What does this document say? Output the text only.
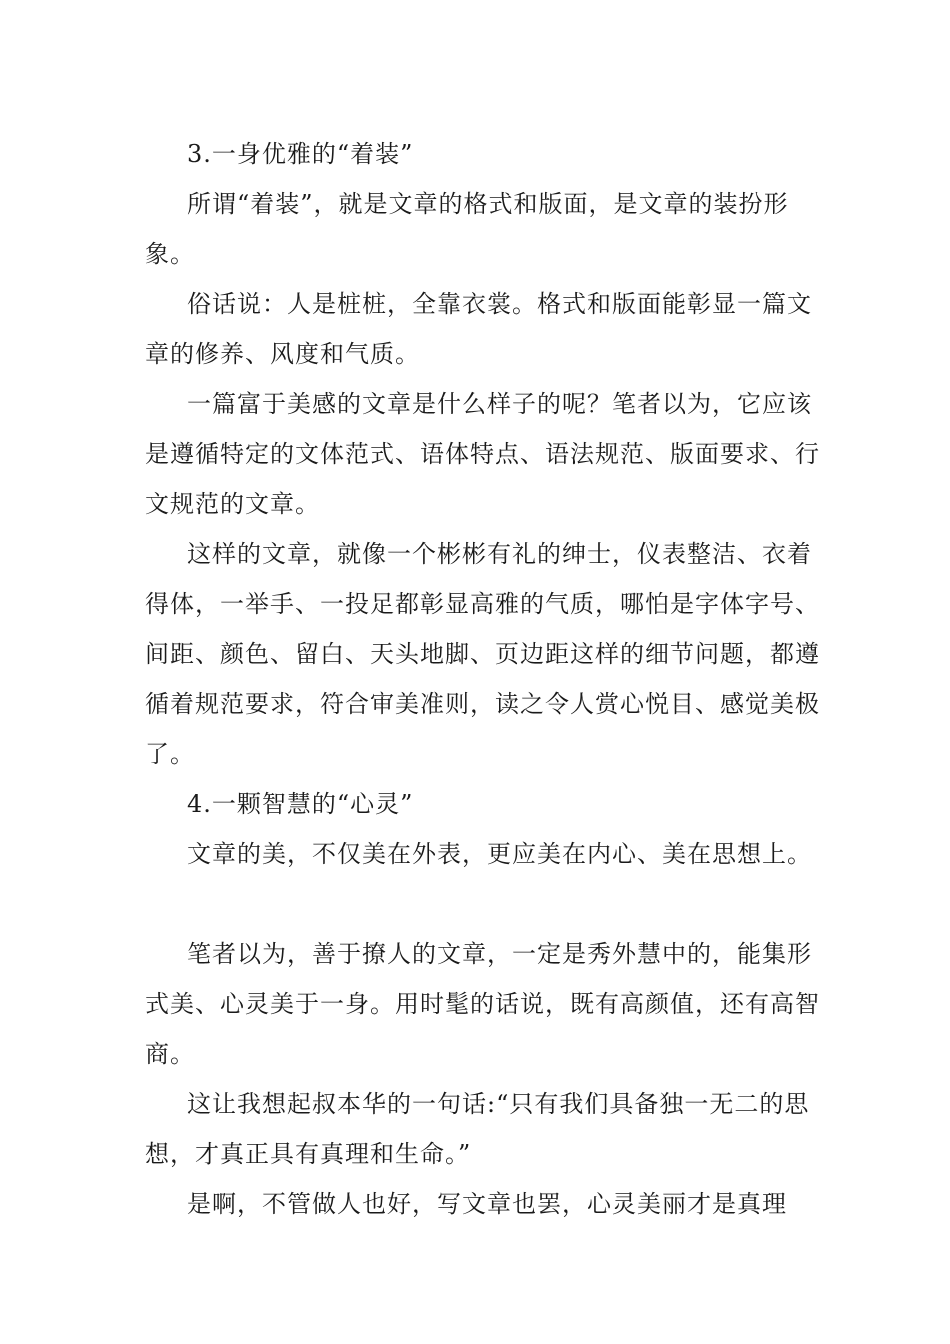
3.一身优雅的“着装”

所谓“着装”，就是文章的格式和版面，是文章的装扮形象。

俗话说：人是桩桩，全靠衣裳。格式和版面能彰显一篇文章的修养、风度和气质。

一篇富于美感的文章是什么样子的呢？笔者以为，它应该是遵循特定的文体范式、语体特点、语法规范、版面要求、行文规范的文章。

这样的文章，就像一个彬彬有礼的绅士，仪表整洁、衣着得体，一举手、一投足都彰显高雅的气质，哪怕是字体字号、间距、颜色、留白、天头地脚、页边距这样的细节问题，都遵循着规范要求，符合审美准则，读之令人赏心悦目、感觉美极了。

4.一颗智慧的“心灵”

文章的美，不仅美在外表，更应美在内心、美在思想上。

笔者以为，善于撩人的文章，一定是秀外慧中的，能集形式美、心灵美于一身。用时髦的话说，既有高颜值，还有高智商。

这让我想起叔本华的一句话:“只有我们具备独一无二的思想，才真正具有真理和生命。”

是啊，不管做人也好，写文章也罢，心灵美丽才是真理
